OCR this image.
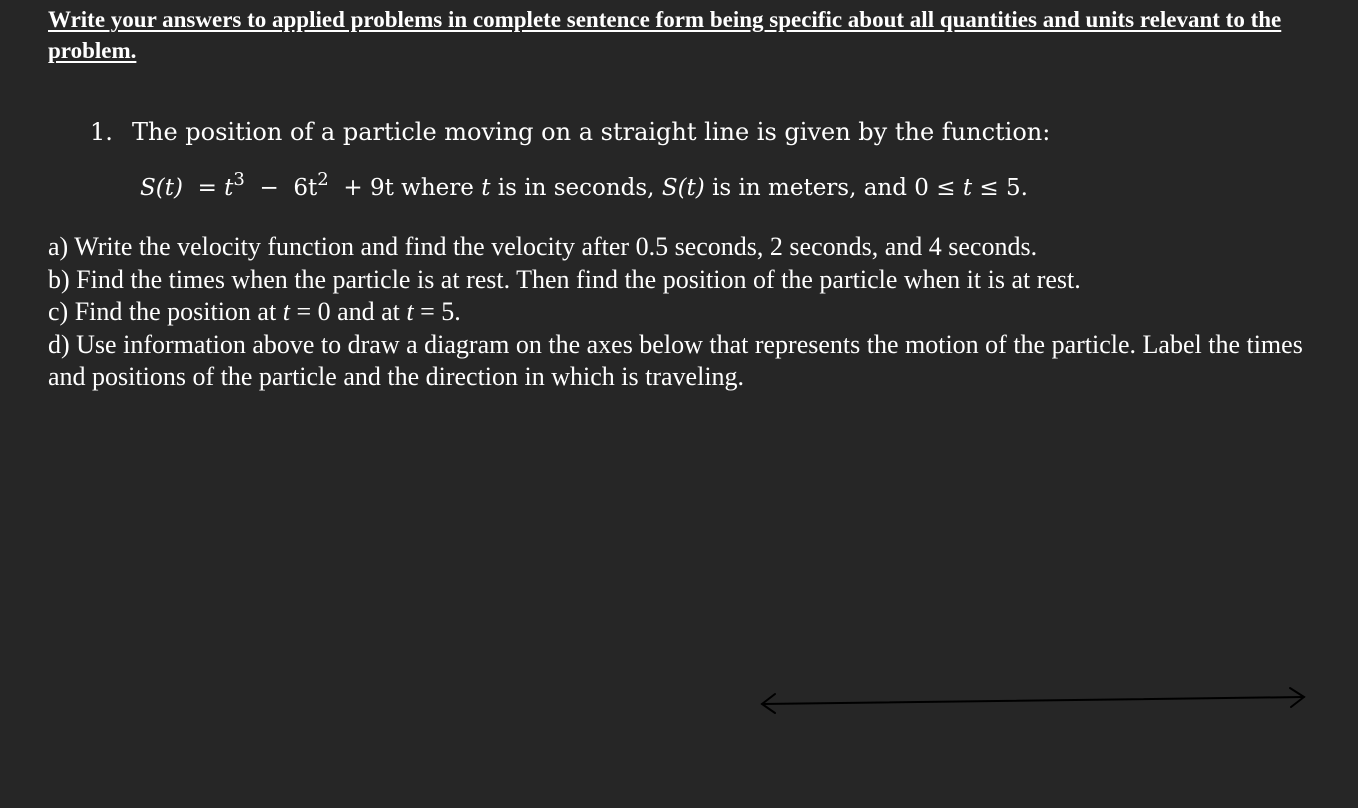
Write your answers to applied problems in complete sentence form being specific about all quantities and units relevant to the problem.
1. The position of a particle moving on a straight line is given by the function:
$S(t) = t^3 - 6t^2 + 9t$ where t is in seconds, S(t) is in meters, and 0 ≤ t ≤ 5.

a) Write the velocity function and find the velocity after 0.5 seconds, 2 seconds, and 4 seconds.

b) Find the times when the particle is at rest. Then find the position of the particle when it is at rest.

c) Find the position at t = 0 and at t = 5.

d) Use information above to draw a diagram on the axes below that represents the motion of the particle. Label the times and positions of the particle and the direction in which is traveling.
